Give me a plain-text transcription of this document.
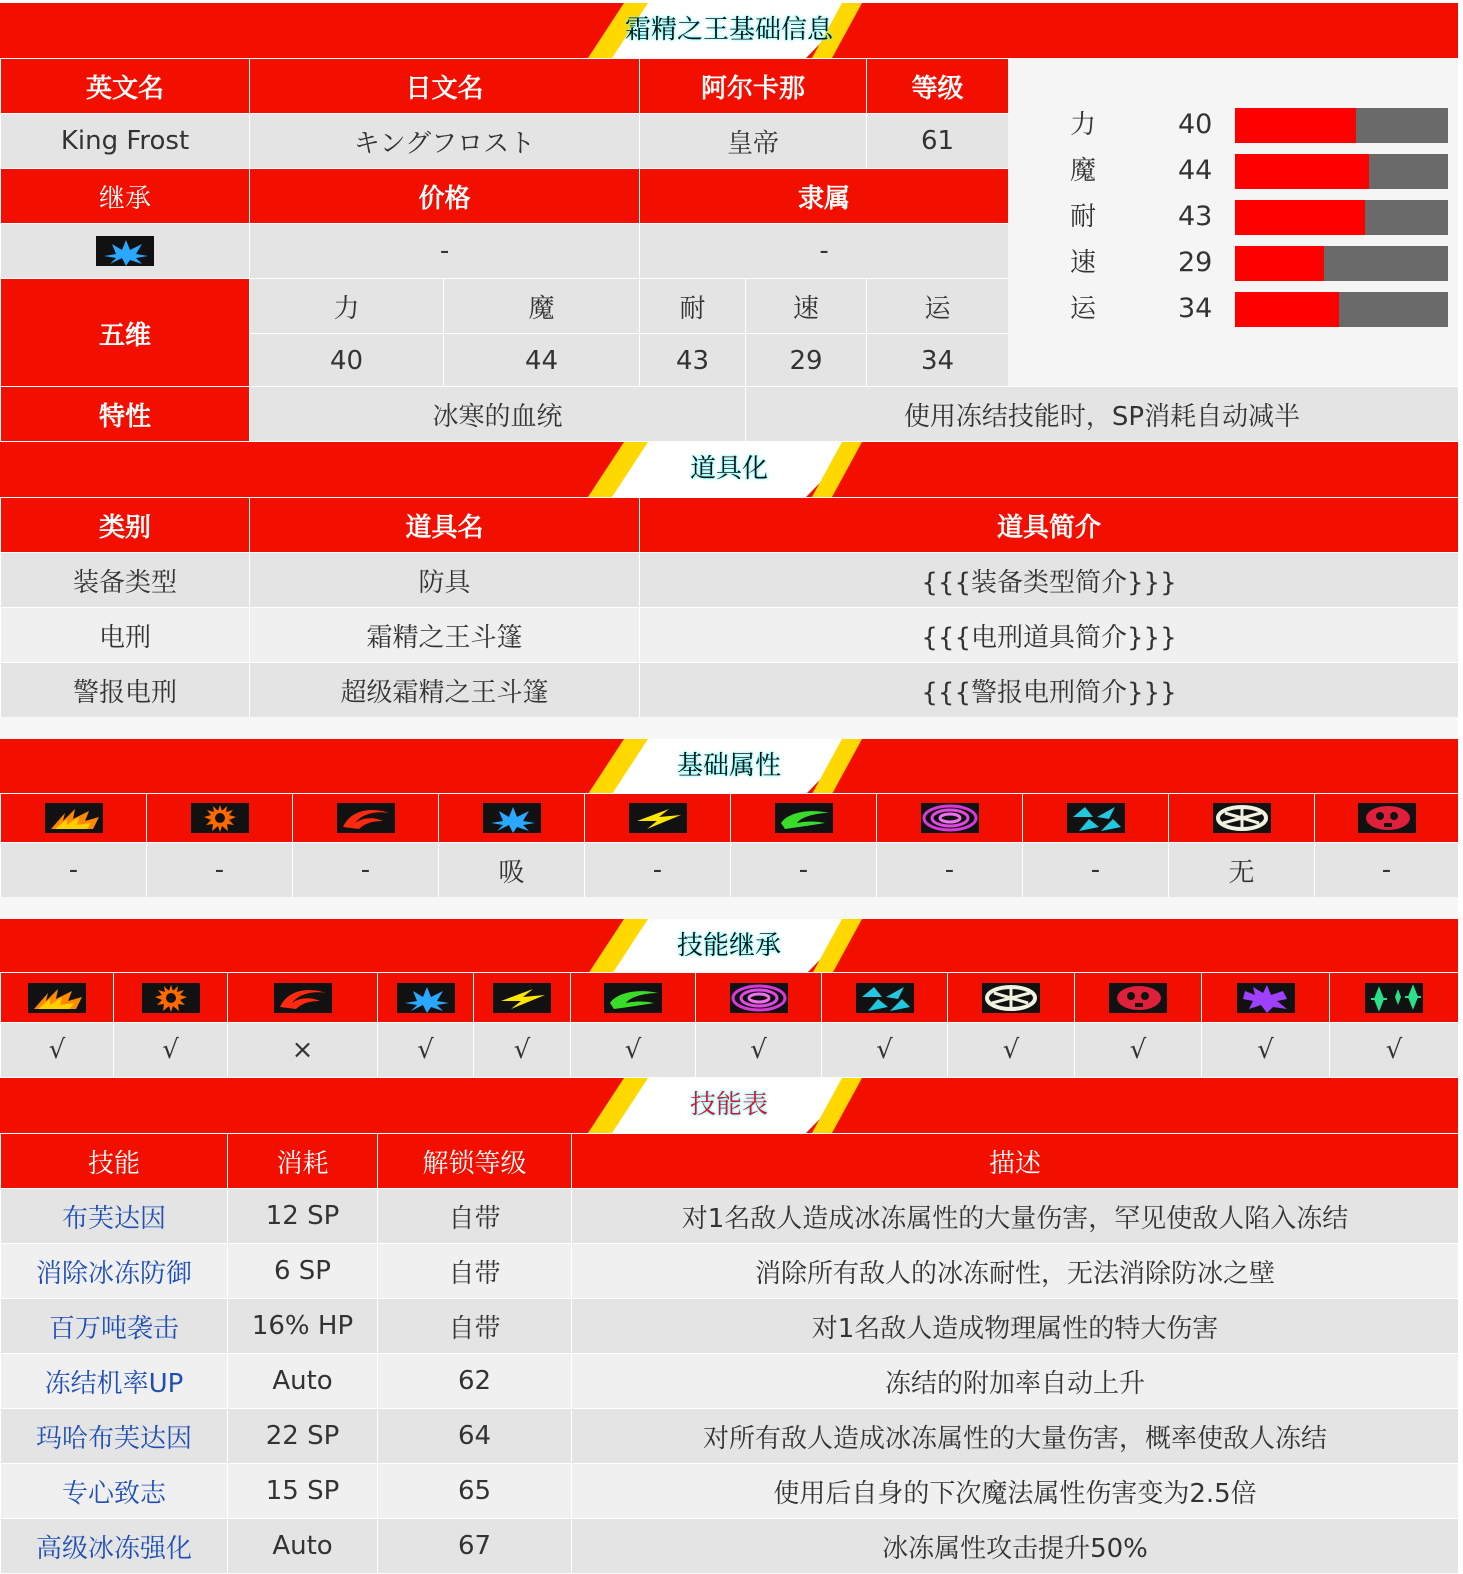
霜精之王基础信息
英文名	日文名		阿尔卡那		等级
King Frost	キングフロスト		皇帝		61
继承	价格		隶属		

	-		-		
五维	力	魔	耐	速	运
	40	44	43	29	34
力	40
魔	44
耐	43
速	29
运	34
特性	冰寒的血统	使用冻结技能时，SP消耗自动减半
道具化
类别	道具名	道具简介
装备类型	防具	{{{装备类型简介}}}
电刑	霜精之王斗篷	{{{电刑道具简介}}}
警报电刑	超级霜精之王斗篷	{{{警报电刑简介}}}
基础属性

-	-	-	吸	-	-	-	-	无	-
技能继承

√	√	×	√	√	√	√	√	√	√	√	√
技能表
技能	消耗	解锁等级	描述
布芙达因	12 SP	自带	对1名敌人造成冰冻属性的大量伤害，罕见使敌人陷入冻结
消除冰冻防御	6 SP	自带	消除所有敌人的冰冻耐性，无法消除防冰之壁
百万吨袭击	16% HP	自带	对1名敌人造成物理属性的特大伤害
冻结机率UP	Auto	62	冻结的附加率自动上升
玛哈布芙达因	22 SP	64	对所有敌人造成冰冻属性的大量伤害，概率使敌人冻结
专心致志	15 SP	65	使用后自身的下次魔法属性伤害变为2.5倍
高级冰冻强化	Auto	67	冰冻属性攻击提升50%
